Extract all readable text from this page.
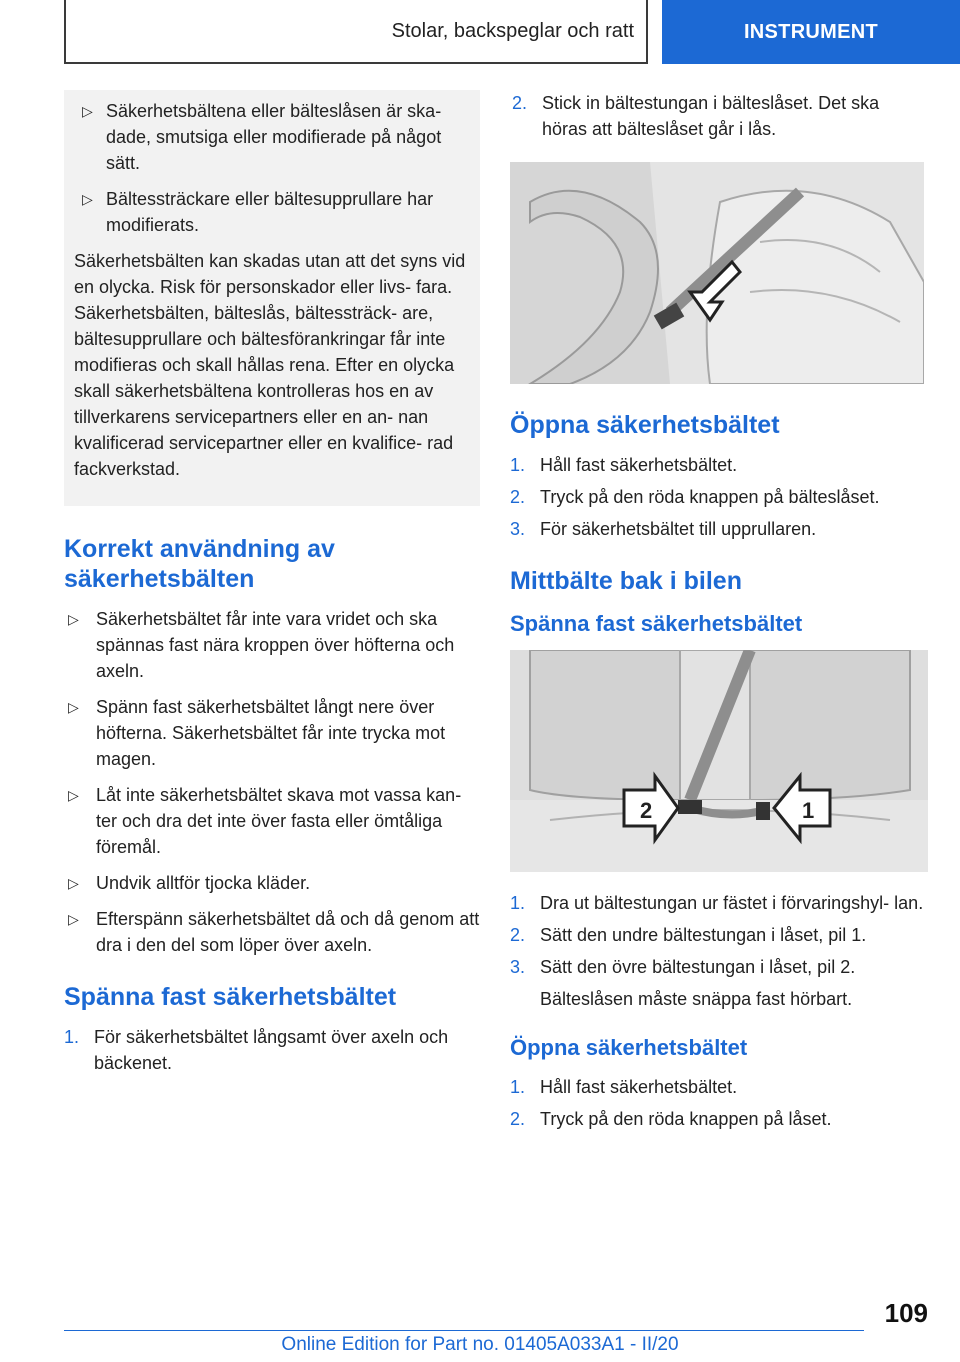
Stolar, backspeglar och ratt	INSTRUMENT
▷ Säkerhetsbältena eller bälteslåsen är ska- dade, smutsiga eller modifierade på något sätt.
▷ Bältessträckare eller bältesupprullare har modifierats.
Säkerhetsbälten kan skadas utan att det syns vid en olycka. Risk för personskador eller livs- fara. Säkerhetsbälten, bälteslås, bältessträck- are, bältesupprullare och bältesförankringar får inte modifieras och skall hållas rena. Efter en olycka skall säkerhetsbältena kontrolleras hos en av tillverkarens servicepartners eller en an- nan kvalificerad servicepartner eller en kvalifice- rad fackverkstad.
Korrekt användning av säkerhetsbälten
▷ Säkerhetsbältet får inte vara vridet och ska spännas fast nära kroppen över höfterna och axeln.
▷ Spänn fast säkerhetsbältet långt nere över höfterna. Säkerhetsbältet får inte trycka mot magen.
▷ Låt inte säkerhetsbältet skava mot vassa kan- ter och dra det inte över fasta eller ömtåliga föremål.
▷ Undvik alltför tjocka kläder.
▷ Efterspänn säkerhetsbältet då och då genom att dra i den del som löper över axeln.
Spänna fast säkerhetsbältet
1. För säkerhetsbältet långsamt över axeln och bäckenet.
2. Stick in bältestungan i bälteslåset. Det ska höras att bälteslåset går i lås.
Öppna säkerhetsbältet
1. Håll fast säkerhetsbältet.
2. Tryck på den röda knappen på bälteslåset.
3. För säkerhetsbältet till upprullaren.
Mittbälte bak i bilen
Spänna fast säkerhetsbältet
2	1
1. Dra ut bältestungan ur fästet i förvaringshyl- lan.
2. Sätt den undre bältestungan i låset, pil 1.
3. Sätt den övre bältestungan i låset, pil 2.
Bälteslåsen måste snäppa fast hörbart.
Öppna säkerhetsbältet
1. Håll fast säkerhetsbältet.
2. Tryck på den röda knappen på låset.
109
Online Edition for Part no. 01405A033A1 - II/20
